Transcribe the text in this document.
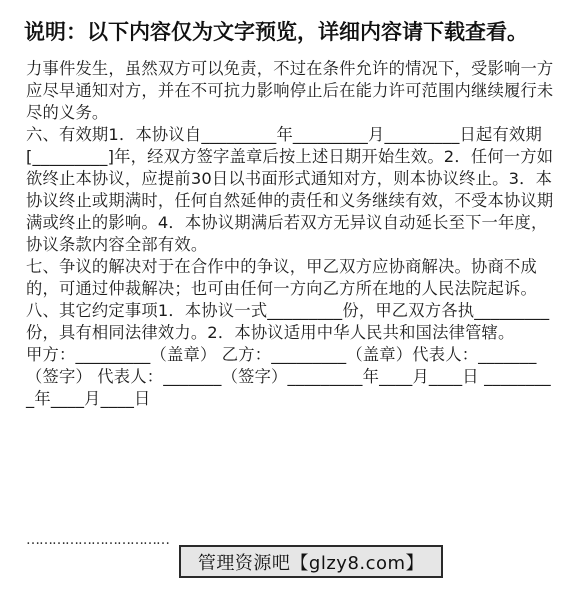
说明：以下内容仅为文字预览，详细内容请下载查看。

力事件发生，虽然双方可以免责，不过在条件允许的情况下，受影响一方应尽早通知对方，并在不可抗力影响停止后在能力许可范围内继续履行未尽的义务。

六、有效期1．本协议自_________年_________月_________日起有效期[_________]年，经双方签字盖章后按上述日期开始生效。2．任何一方如欲终止本协议，应提前30日以书面形式通知对方，则本协议终止。3．本协议终止或期满时，任何自然延伸的责任和义务继续有效，不受本协议期满或终止的影响。4．本协议期满后若双方无异议自动延长至下一年度，协议条款内容全部有效。

七、争议的解决对于在合作中的争议，甲乙双方应协商解决。协商不成的，可通过仲裁解决；也可由任何一方向乙方所在地的人民法院起诉。

八、其它约定事项1．本协议一式_________份，甲乙双方各执_________份，具有相同法律效力。2．本协议适用中华人民共和国法律管辖。

甲方：_________（盖章） 乙方：_________（盖章）代表人：_______（签字） 代表人：_______（签字）_________年____月____日 _________年____月____日

……………………………
管理资源吧【glzy8.com】
